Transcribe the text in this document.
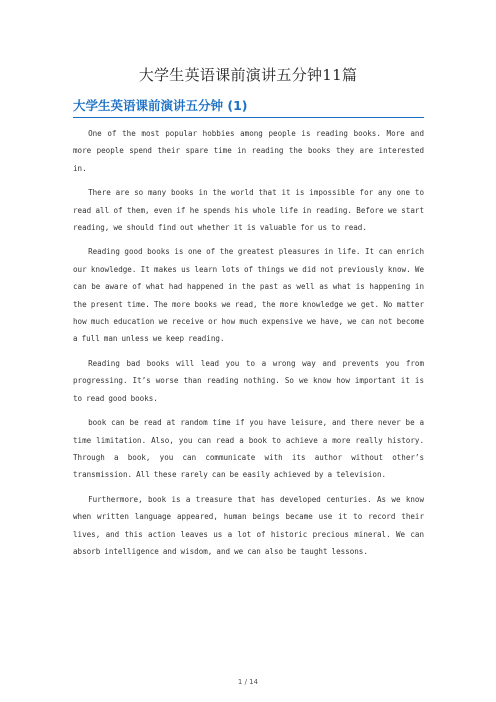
大学生英语课前演讲五分钟11篇
大学生英语课前演讲五分钟 (1)

One of the most popular hobbies among people is reading books. More and more people spend their spare time in reading the books they are interested in.

There are so many books in the world that it is impossible for any one to read all of them, even if he spends his whole life in reading. Before we start reading, we should find out whether it is valuable for us to read.

Reading good books is one of the greatest pleasures in life. It can enrich our knowledge. It makes us learn lots of things we did not previously know. We can be aware of what had happened in the past as well as what is happening in the present time. The more books we read, the more knowledge we get. No matter how much education we receive or how much expensive we have, we can not become a full man unless we keep reading.

Reading bad books will lead you to a wrong way and prevents you from progressing. It’s worse than reading nothing. So we know how important it is to read good books.

book can be read at random time if you have leisure, and there never be a time limitation. Also, you can read a book to achieve a more really history. Through a book, you can communicate with its author without other’s transmission. All these rarely can be easily achieved by a television.

Furthermore, book is a treasure that has developed centuries. As we know when written language appeared, human beings became use it to record their lives, and this action leaves us a lot of historic precious mineral. We can absorb intelligence and wisdom, and we can also be taught lessons.

1 / 14
